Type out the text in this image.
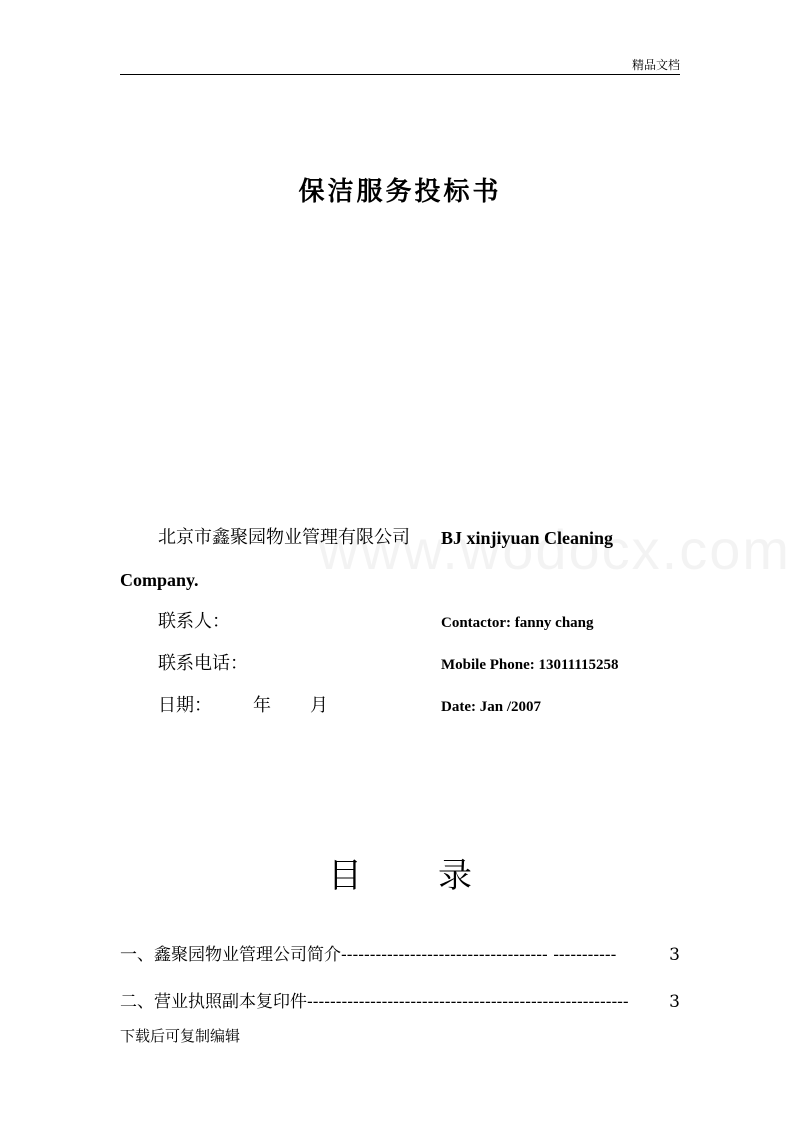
精品文档
保洁服务投标书
北京市鑫聚园物业管理有限公司 BJ xinjiyuan Cleaning
Company.
联系人：	Contactor: fanny chang
联系电话：	Mobile Phone: 13011115258
日期： 年 月	Date: Jan /2007
目 录
一、鑫聚园物业管理公司简介 ------------------------------------ -----------	3
二、营业执照副本复印件 --------------------------------------------------------	3
下载后可复制编辑
